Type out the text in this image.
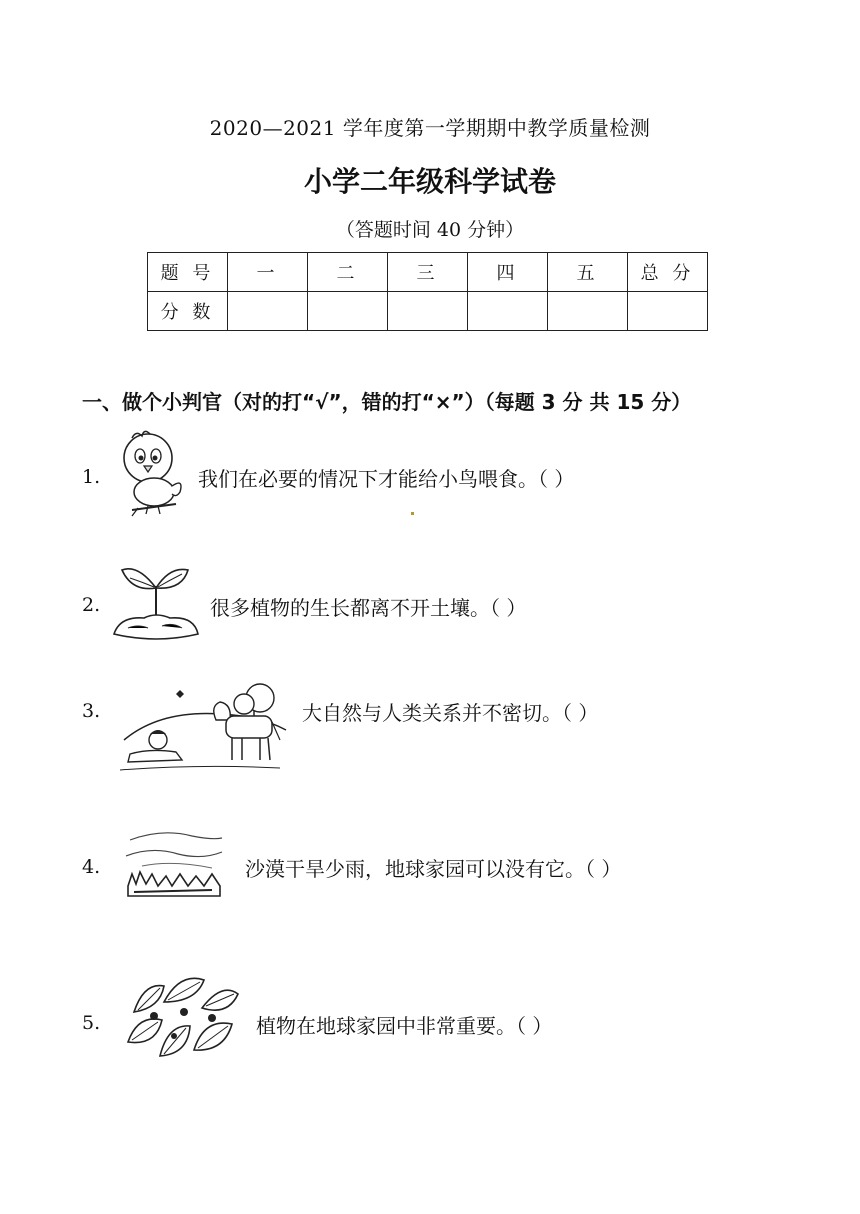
2020—2021 学年度第一学期期中教学质量检测
小学二年级科学试卷
（答题时间 40 分钟）
题 号	一	二	三	四	五	总 分
分 数						
一、做个小判官（对的打“√”，错的打“×”）（每题 3 分 共 15 分）
1.	我们在必要的情况下才能给小鸟喂食。（ ）
2.	很多植物的生长都离不开土壤。（ ）
3.	大自然与人类关系并不密切。（ ）
4.	沙漠干旱少雨，地球家园可以没有它。（ ）
5.	植物在地球家园中非常重要。（ ）
